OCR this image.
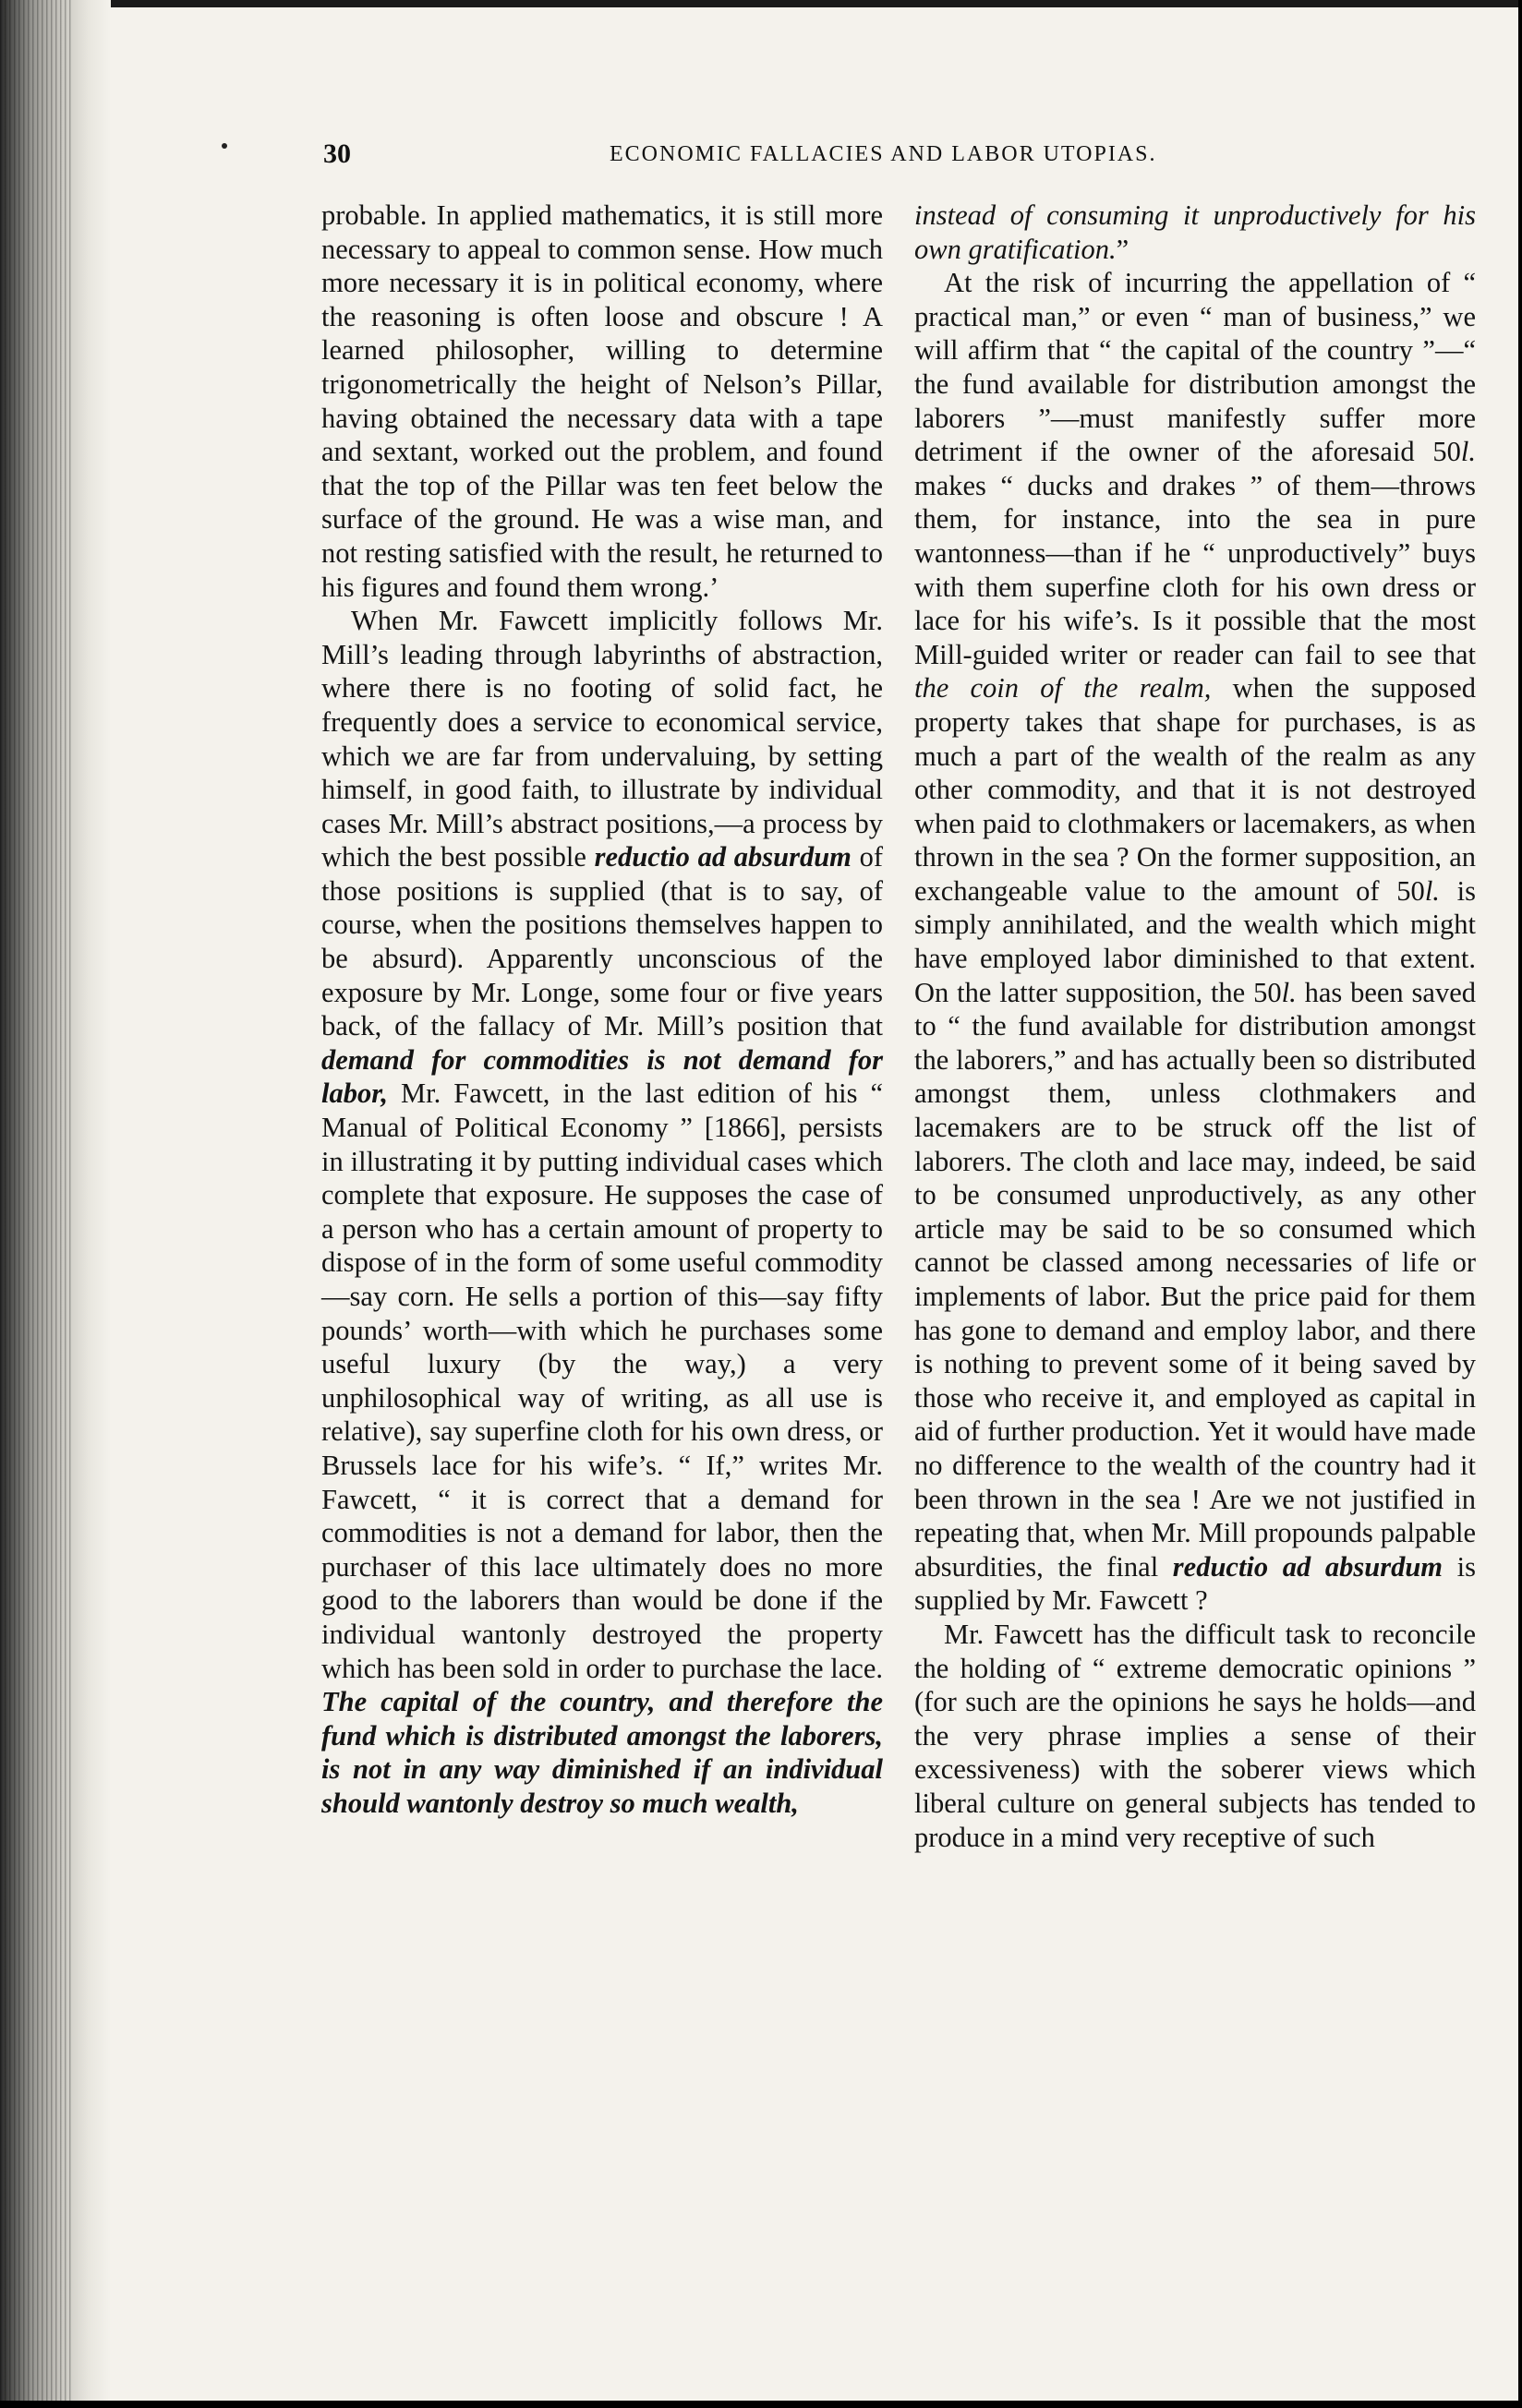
30	ECONOMIC FALLACIES AND LABOR UTOPIAS.

probable. In applied mathematics, it is still more necessary to appeal to common sense. How much more necessary it is in political economy, where the reasoning is often loose and obscure ! A learned philosopher, willing to determine trigonometrically the height of Nelson’s Pillar, having obtained the necessary data with a tape and sextant, worked out the problem, and found that the top of the Pillar was ten feet below the surface of the ground. He was a wise man, and not resting satisfied with the result, he returned to his figures and found them wrong.’

When Mr. Fawcett implicitly follows Mr. Mill’s leading through labyrinths of abstraction, where there is no footing of solid fact, he frequently does a service to economical service, which we are far from undervaluing, by setting himself, in good faith, to illustrate by individual cases Mr. Mill’s abstract positions,—a process by which the best possible reductio ad absurdum of those positions is supplied (that is to say, of course, when the positions themselves happen to be absurd). Apparently unconscious of the exposure by Mr. Longe, some four or five years back, of the fallacy of Mr. Mill’s position that demand for commodities is not demand for labor, Mr. Fawcett, in the last edition of his “ Manual of Political Economy ” [1866], persists in illustrating it by putting individual cases which complete that exposure. He supposes the case of a person who has a certain amount of property to dispose of in the form of some useful commodity—say corn. He sells a portion of this—say fifty pounds’ worth—with which he purchases some useful luxury (by the way,) a very unphilosophical way of writing, as all use is relative), say superfine cloth for his own dress, or Brussels lace for his wife’s. “ If,” writes Mr. Fawcett, “ it is correct that a demand for commodities is not a demand for labor, then the purchaser of this lace ultimately does no more good to the laborers than would be done if the individual wantonly destroyed the property which has been sold in order to purchase the lace. The capital of the country, and therefore the fund which is distributed amongst the laborers, is not in any way diminished if an individual should wantonly destroy so much wealth,

instead of consuming it unproductively for his own gratification.”

At the risk of incurring the appellation of “ practical man,” or even “ man of business,” we will affirm that “ the capital of the country ”—“ the fund available for distribution amongst the laborers ”—must manifestly suffer more detriment if the owner of the aforesaid 50l. makes “ ducks and drakes ” of them—throws them, for instance, into the sea in pure wantonness—than if he “ unproductively” buys with them superfine cloth for his own dress or lace for his wife’s. Is it possible that the most Mill-guided writer or reader can fail to see that the coin of the realm, when the supposed property takes that shape for purchases, is as much a part of the wealth of the realm as any other commodity, and that it is not destroyed when paid to clothmakers or lacemakers, as when thrown in the sea ? On the former supposition, an exchangeable value to the amount of 50l. is simply annihilated, and the wealth which might have employed labor diminished to that extent. On the latter supposition, the 50l. has been saved to “ the fund available for distribution amongst the laborers,” and has actually been so distributed amongst them, unless clothmakers and lacemakers are to be struck off the list of laborers. The cloth and lace may, indeed, be said to be consumed unproductively, as any other article may be said to be so consumed which cannot be classed among necessaries of life or implements of labor. But the price paid for them has gone to demand and employ labor, and there is nothing to prevent some of it being saved by those who receive it, and employed as capital in aid of further production. Yet it would have made no difference to the wealth of the country had it been thrown in the sea ! Are we not justified in repeating that, when Mr. Mill propounds palpable absurdities, the final reductio ad absurdum is supplied by Mr. Fawcett ?

Mr. Fawcett has the difficult task to reconcile the holding of “ extreme democratic opinions ” (for such are the opinions he says he holds—and the very phrase implies a sense of their excessiveness) with the soberer views which liberal culture on general subjects has tended to produce in a mind very receptive of such
